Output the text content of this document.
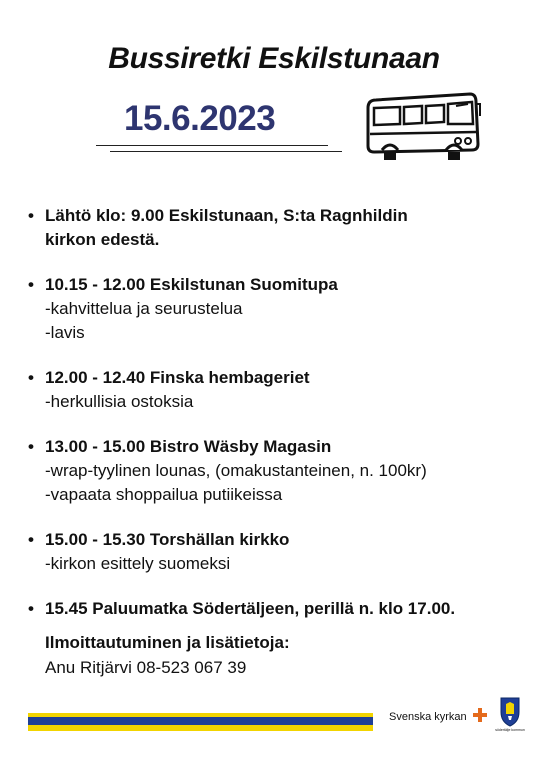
Bussiretki Eskilstunaan
15.6.2023
• Lähtö klo: 9.00 Eskilstunaan, S:ta Ragnhildin
kirkon edestä.
• 10.15 - 12.00 Eskilstunan Suomitupa
-kahvittelua ja seurustelua
-lavis
• 12.00 - 12.40 Finska hembageriet
-herkullisia ostoksia
• 13.00 - 15.00 Bistro Wäsby Magasin
-wrap-tyylinen lounas, (omakustanteinen, n. 100kr)
-vapaata shoppailua putiikeissa
• 15.00 - 15.30 Torshällan kirkko
-kirkon esittely suomeksi
• 15.45 Paluumatka Södertäljeen, perillä n. klo 17.00.
Ilmoittautuminen ja lisätietoja:
Anu Ritjärvi 08-523 067 39
Svenska kyrkan
södertälje kommun
